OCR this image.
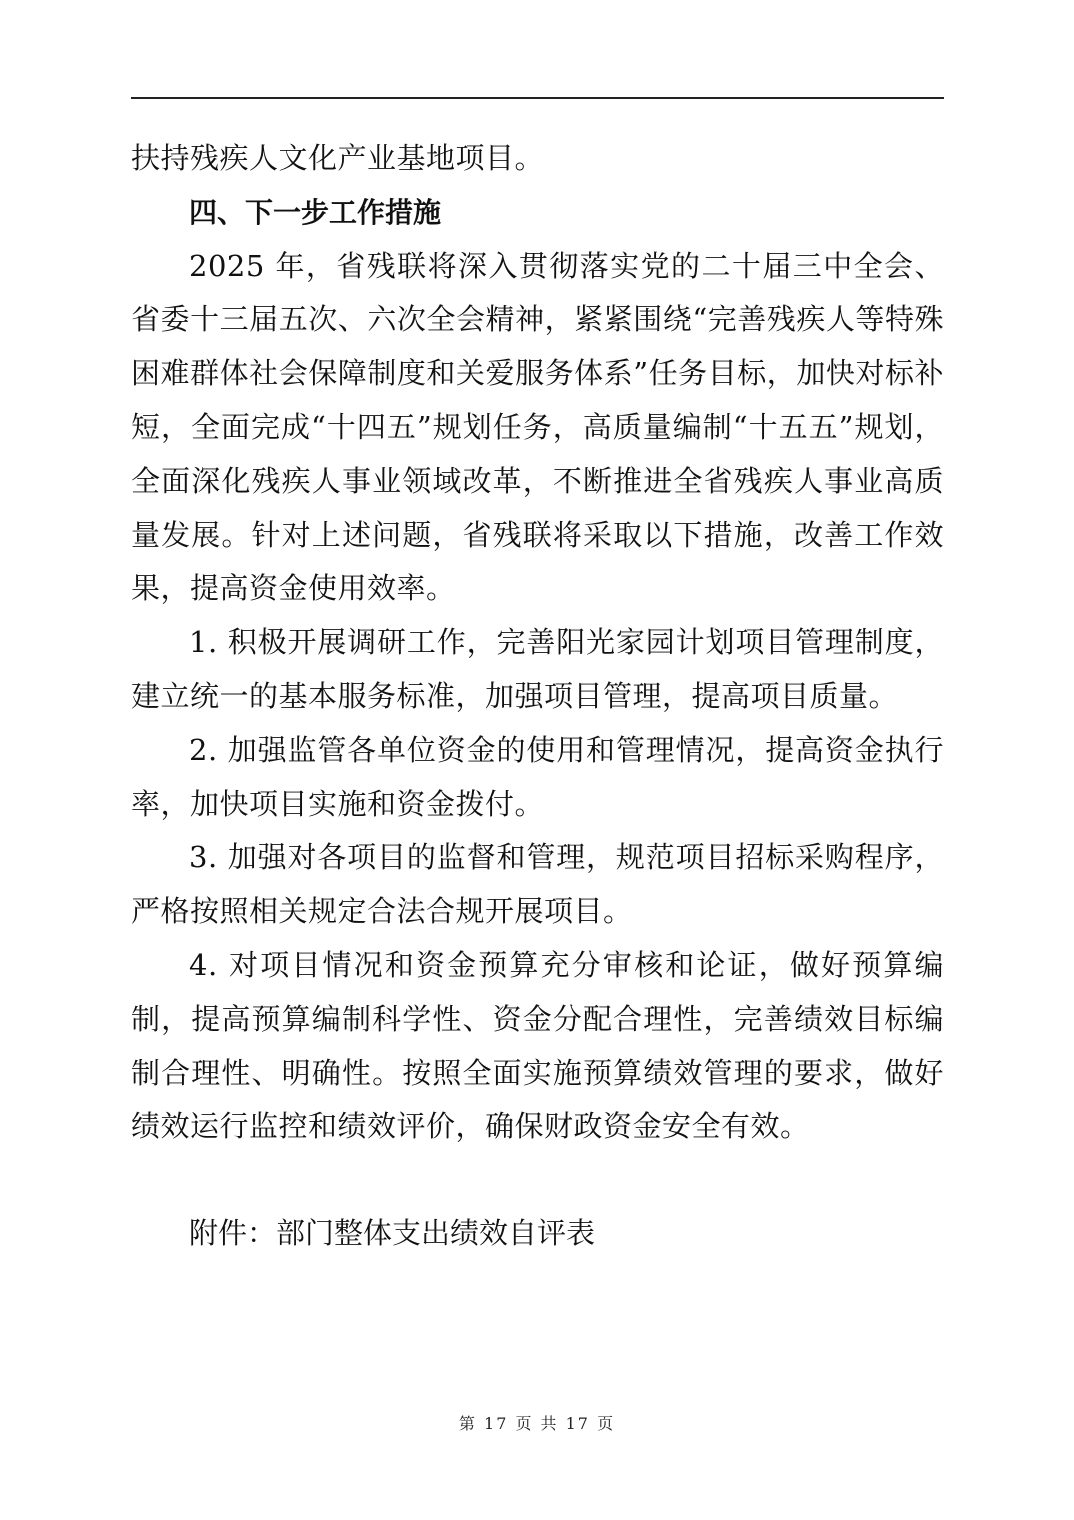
扶持残疾人文化产业基地项目。

四、下一步工作措施

2025 年，省残联将深入贯彻落实党的二十届三中全会、省委十三届五次、六次全会精神，紧紧围绕“完善残疾人等特殊困难群体社会保障制度和关爱服务体系”任务目标，加快对标补短，全面完成“十四五”规划任务，高质量编制“十五五”规划，全面深化残疾人事业领域改革，不断推进全省残疾人事业高质量发展。针对上述问题，省残联将采取以下措施，改善工作效果，提高资金使用效率。

1. 积极开展调研工作，完善阳光家园计划项目管理制度，建立统一的基本服务标准，加强项目管理，提高项目质量。

2. 加强监管各单位资金的使用和管理情况，提高资金执行率，加快项目实施和资金拨付。

3. 加强对各项目的监督和管理，规范项目招标采购程序，严格按照相关规定合法合规开展项目。

4. 对项目情况和资金预算充分审核和论证，做好预算编制，提高预算编制科学性、资金分配合理性，完善绩效目标编制合理性、明确性。按照全面实施预算绩效管理的要求，做好绩效运行监控和绩效评价，确保财政资金安全有效。

附件：部门整体支出绩效自评表

第 17 页 共 17 页
